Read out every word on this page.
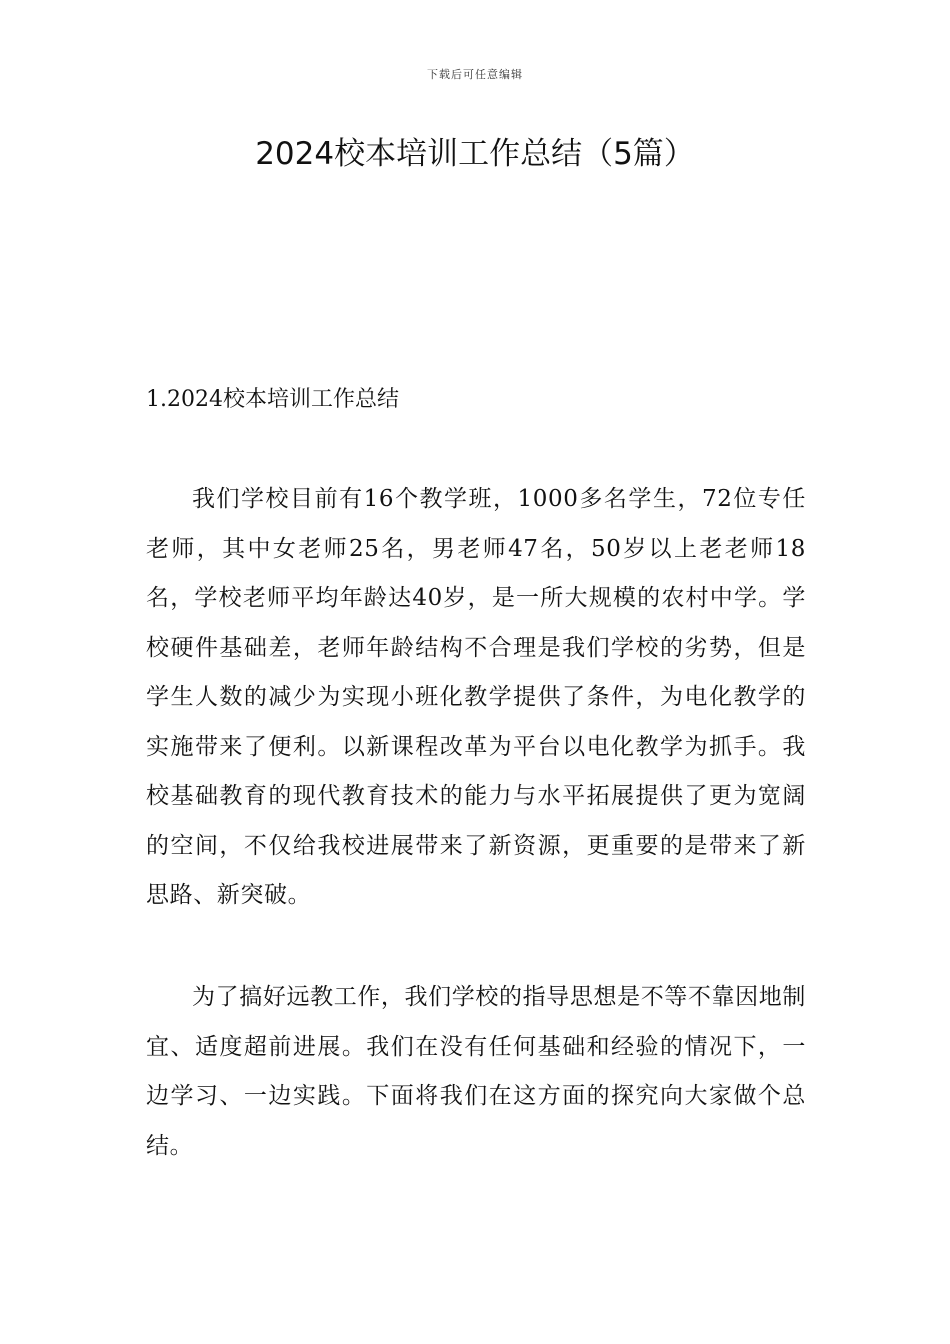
下载后可任意编辑
2024校本培训工作总结（5篇）
1.2024校本培训工作总结

我们学校目前有16个教学班，1000多名学生，72位专任老师，其中女老师25名，男老师47名，50岁以上老老师18名，学校老师平均年龄达40岁，是一所大规模的农村中学。学校硬件基础差，老师年龄结构不合理是我们学校的劣势，但是学生人数的减少为实现小班化教学提供了条件，为电化教学的实施带来了便利。以新课程改革为平台以电化教学为抓手。我校基础教育的现代教育技术的能力与水平拓展提供了更为宽阔的空间，不仅给我校进展带来了新资源，更重要的是带来了新思路、新突破。

为了搞好远教工作，我们学校的指导思想是不等不靠因地制宜、适度超前进展。我们在没有任何基础和经验的情况下，一边学习、一边实践。下面将我们在这方面的探究向大家做个总结。
